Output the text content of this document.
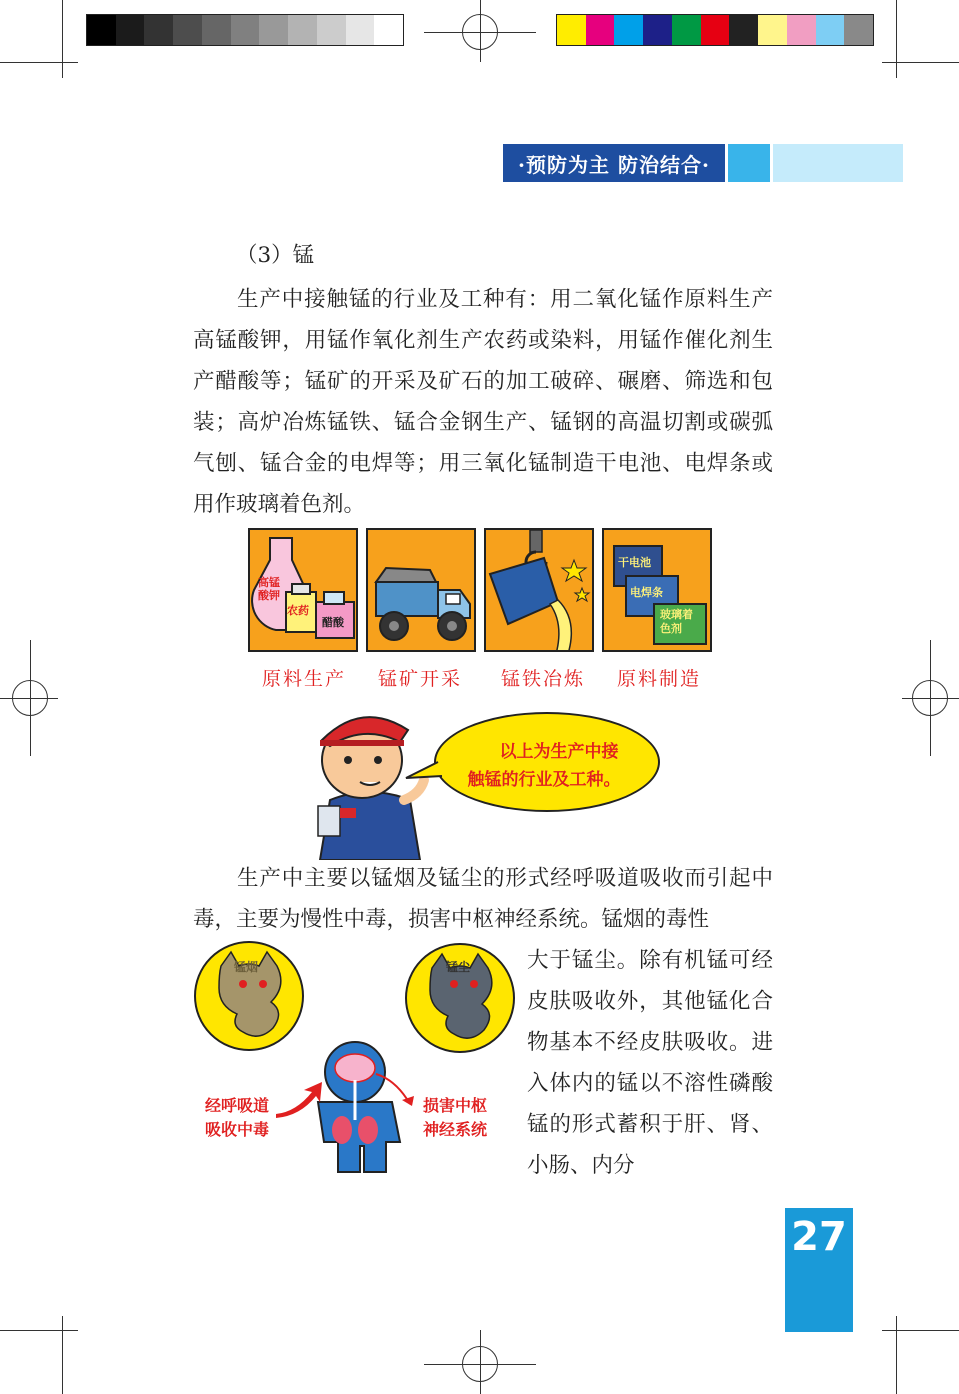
·预防为主 防治结合·
（3）锰
生产中接触锰的行业及工种有：用二氧化锰作原料生产高锰酸钾，用锰作氧化剂生产农药或染料，用锰作催化剂生产醋酸等；锰矿的开采及矿石的加工破碎、碾磨、筛选和包装；高炉冶炼锰铁、锰合金钢生产、锰钢的高温切割或碳弧气刨、锰合金的电焊等；用三氧化锰制造干电池、电焊条或用作玻璃着色剂。
高锰酸钾
农药
醋酸
干电池
电焊条
玻璃着色剂
原料生产	锰矿开采	锰铁冶炼	原料制造
以上为生产中接
触锰的行业及工种。
生产中主要以锰烟及锰尘的形式经呼吸道吸收而引起中毒，主要为慢性中毒，损害中枢神经系统。锰烟的毒性
锰烟	锰尘
经呼吸道
吸收中毒
损害中枢
神经系统
大于锰尘。除有机锰可经皮肤吸收外，其他锰化合物基本不经皮肤吸收。进入体内的锰以不溶性磷酸锰的形式蓄积于肝、肾、小肠、内分
27
